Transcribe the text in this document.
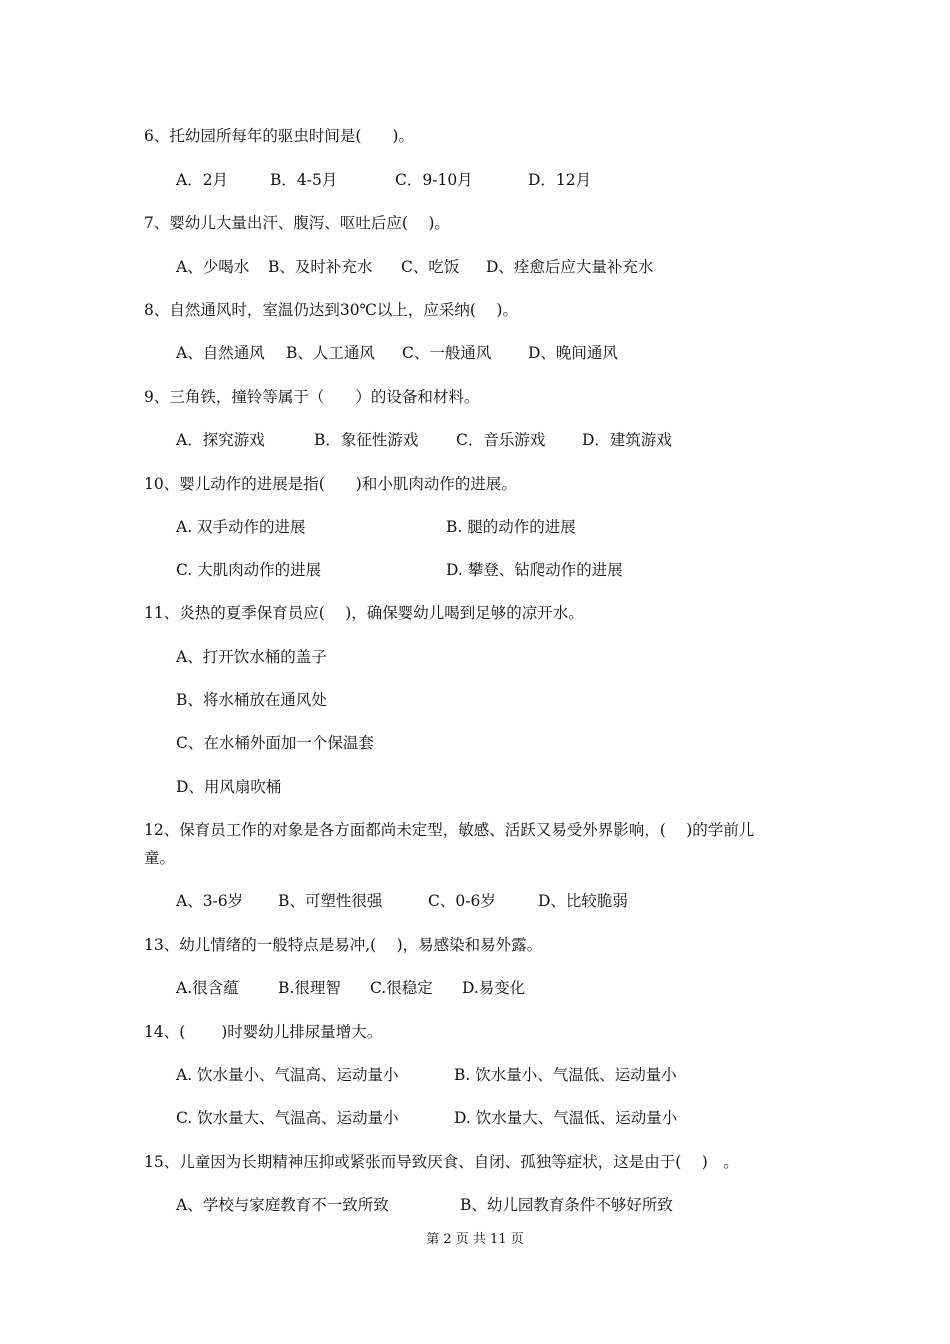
6、托幼园所每年的驱虫时间是(　　)。
A．2月	B．4-5月	C．9-10月	D．12月
7、婴幼儿大量出汗、腹泻、呕吐后应(　 )。
A、少喝水 B、及时补充水 C、吃饭 D、痊愈后应大量补充水
8、自然通风时，室温仍达到30℃以上，应采纳(　 )。
A、自然通风 B、人工通风 C、一般通风 D、晚间通风
9、三角铁，撞铃等属于（　　）的设备和材料。
A．探究游戏	B．象征性游戏 C．音乐游戏 D．建筑游戏
10、婴儿动作的进展是指(　　)和小肌肉动作的进展。
A. 双手动作的进展	B. 腿的动作的进展
C. 大肌肉动作的进展	D. 攀登、钻爬动作的进展
11、炎热的夏季保育员应(　 )，确保婴幼儿喝到足够的凉开水。
A、打开饮水桶的盖子
B、将水桶放在通风处
C、在水桶外面加一个保温套
D、用风扇吹桶
12、保育员工作的对象是各方面都尚未定型，敏感、活跃又易受外界影响，(　 )的学前儿
童。
A、3-6岁 B、可塑性很强	C、0-6岁	D、比较脆弱
13、幼儿情绪的一般特点是易冲,(　 )，易感染和易外露。
A.很含蕴	B.很理智 C.很稳定 D.易变化
14、(　 　)时婴幼儿排尿量增大。
A. 饮水量小、气温高、运动量小	B. 饮水量小、气温低、运动量小
C. 饮水量大、气温高、运动量小	D. 饮水量大、气温低、运动量小
15、儿童因为长期精神压抑或紧张而导致厌食、自闭、孤独等症状，这是由于(　 )　。
A、学校与家庭教育不一致所致	B、幼儿园教育条件不够好所致
第 2 页 共 11 页
